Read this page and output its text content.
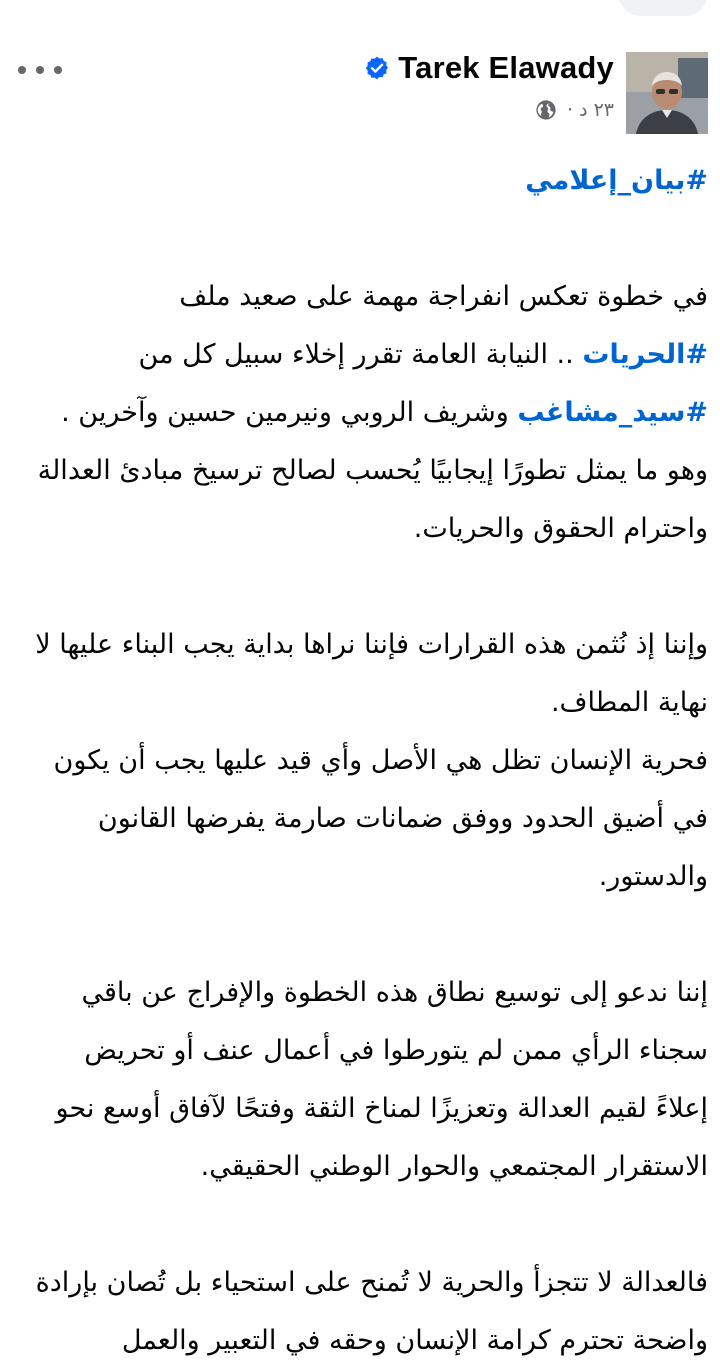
Tarek Elawady
٢٣ د ·

#بيان_إعلامي

في خطوة تعكس انفراجة مهمة على صعيد ملف
#الحريات .. النيابة العامة تقرر إخلاء سبيل كل من
#سيد_مشاغب وشريف الروبي ونيرمين حسين وآخرين .

وهو ما يمثل تطورًا إيجابيًا يُحسب لصالح ترسيخ مبادئ العدالة واحترام الحقوق والحريات.

وإننا إذ نُثمن هذه القرارات فإننا نراها بداية يجب البناء عليها لا نهاية المطاف.

فحرية الإنسان تظل هي الأصل وأي قيد عليها يجب أن يكون في أضيق الحدود ووفق ضمانات صارمة يفرضها القانون والدستور.

إننا ندعو إلى توسيع نطاق هذه الخطوة والإفراج عن باقي سجناء الرأي ممن لم يتورطوا في أعمال عنف أو تحريض إعلاءً لقيم العدالة وتعزيزًا لمناخ الثقة وفتحًا لآفاق أوسع نحو الاستقرار المجتمعي والحوار الوطني الحقيقي.

فالعدالة لا تتجزأ والحرية لا تُمنح على استحياء بل تُصان بإرادة واضحة تحترم كرامة الإنسان وحقه في التعبير والعمل
